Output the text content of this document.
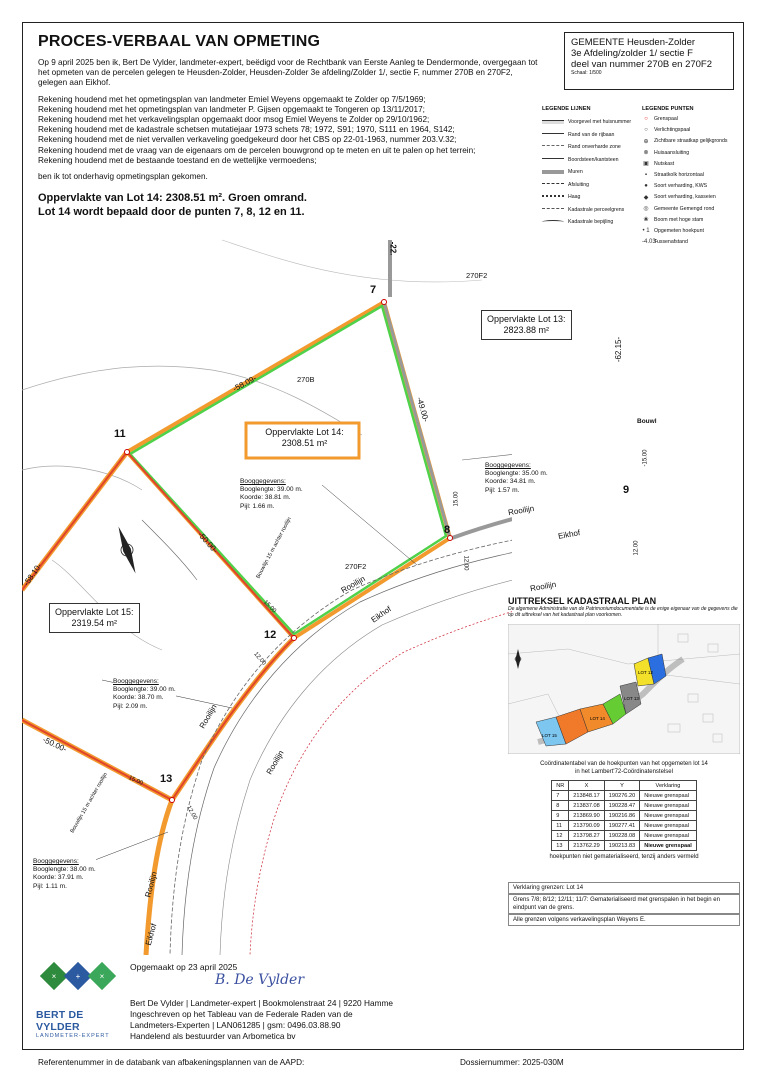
PROCES-VERBAAL VAN OPMETING

Op 9 april 2025 ben ik, Bert De Vylder, landmeter-expert, beëdigd voor de Rechtbank van Eerste Aanleg te Dendermonde, overgegaan tot het opmeten van de percelen gelegen te Heusden-Zolder, Heusden-Zolder 3e afdeling/Zolder 1/, sectie F, nummer 270B en 270F2, gelegen aan Eikhof.

Rekening houdend met het opmetingsplan van landmeter Emiel Weyens opgemaakt te Zolder op 7/5/1969;
Rekening houdend met het opmetingsplan van landmeter P. Gijsen opgemaakt te Tongeren op 13/11/2017;
Rekening houdend met het verkavelingsplan opgemaakt door msog Emiel Weyens te Zolder op 29/10/1962;
Rekening houdend met de kadastrale schetsen mutatiejaar 1973 schets 78; 1972, S91; 1970, S111 en 1964, S142;
Rekening houdend met de niet vervallen verkaveling goedgekeurd door het CBS op 22-01-1963, nummer 203.V.32;
Rekening houdend met de vraag van de eigenaars om de percelen bouwgrond op te meten en uit te palen op het terrein;
Rekening houdend met de bestaande toestand en de wettelijke vermoedens;

ben ik tot onderhavig opmetingsplan gekomen.

GEMEENTE Heusden-Zolder
3e Afdeling/zolder 1/ sectie F
deel van nummer 270B en 270F2
Schaal: 1/500
LEGENDE LIJNEN	LEGENDE PUNTEN
Voorgevel met huisnummer
Rand van de rijbaan
Rand onverharde zone
Boordsteen/kantsteen
Muren
Afsluiting
Haag
Kadastrale perceelgrens
Kadastrale bepijling
○	Grenspaal
○	Verlichtingspaal
⊕ Zichtbare straatkap gelijkgronds
⊗ Huisaansluiting
▣ Nutskast
▪	Straatkolk horizontaal
●	Soort verharding, KWS
◆	Soort verharding, kasseien
◎ Gemeente Gemengd rond
❀ Boom met hoge stam
• 1 Opgemeten hoekpunt
-4.03-
Tussenafstand
Oppervlakte van Lot 14: 2308.51 m². Groen omrand.
Lot 14 wordt bepaald door de punten 7, 8, 12 en 11.
7
8
9
11
12
13
Oppervlakte Lot 13:
2823.88 m²
Oppervlakte Lot 14:
2308.51 m²
Oppervlakte Lot 15:
2319.54 m²
-58.09-
-49.00-
-62.15-
-50.00-
-58.10-
-50.00-
-22.
-15.00
15.00
15.00
15.00
12.00
12.00
12.00
12.00
270B
270F2
270F2
Eikhof
Eikhof
Eikhof
Rooilijn
Rooilijn	Rooilijn
Rooilijn
Rooilijn
Rooilijn
Bouwlijn 15 m achter rooilijn
Bouwlijn 15 m achter rooilijn
Bouwl
Booggegevens:
Booglengte: 35.00 m.
Koorde: 34.81 m.
Pijl: 1.57 m.
Booggegevens:
Booglengte: 39.00 m.
Koorde: 38.81 m.
Pijl: 1.66 m.
Booggegevens:
Booglengte: 39.00 m.
Koorde: 38.70 m.
Pijl: 2.09 m.
Booggegevens:
Booglengte: 38.00 m.
Koorde: 37.91 m.
Pijl: 1.11 m.
UITTREKSEL KADASTRAAL PLAN
De algemene Administratie van de Patrimoniumdocumentatie is de enige eigenaar van de gegevens die op dit uittreksel van het kadastraal plan voorkomen.
LOT 15
LOT 14
LOT 13
LOT 12
Coördinatentabel van de hoekpunten van het opgemeten lot 14
in het Lambert'72-Coördinatenstelsel
NR	X	Y	Verklaring
7	213848.17	190276.20	Nieuwe grenspaal
8	213837.08	190228.47	Nieuwe grenspaal
9	213869.90	190216.86	Nieuwe grenspaal
11	213790.09	190277.41	Nieuwe grenspaal
12	213798.27	190228.08	Nieuwe grenspaal
13	213762.29	190213.83	Nieuwe grenspaal
hoekpunten niet gematerialiseerd, tenzij anders vermeld
Verklaring grenzen: Lot 14
Grens 7/8; 8/12; 12/11; 11/7: Gematerialiseerd met grenspalen in het begin en eindpunt van de grens.
Alle grenzen volgens verkavelingsplan Weyens E.
× + ×
BERT DE VYLDER
LANDMETER-EXPERT
Opgemaakt op 23 april 2025
B. De Vylder
Bert De Vylder | Landmeter-expert | Bookmolenstraat 24 | 9220 Hamme
Ingeschreven op het Tableau van de Federale Raden van de
Landmeters-Experten | LAN061285 | gsm: 0496.03.88.90
Handelend als bestuurder van Arbometica bv
Referentenummer in de databank van afbakeningsplannen van de AAPD:	Dossiernummer: 2025-030M
